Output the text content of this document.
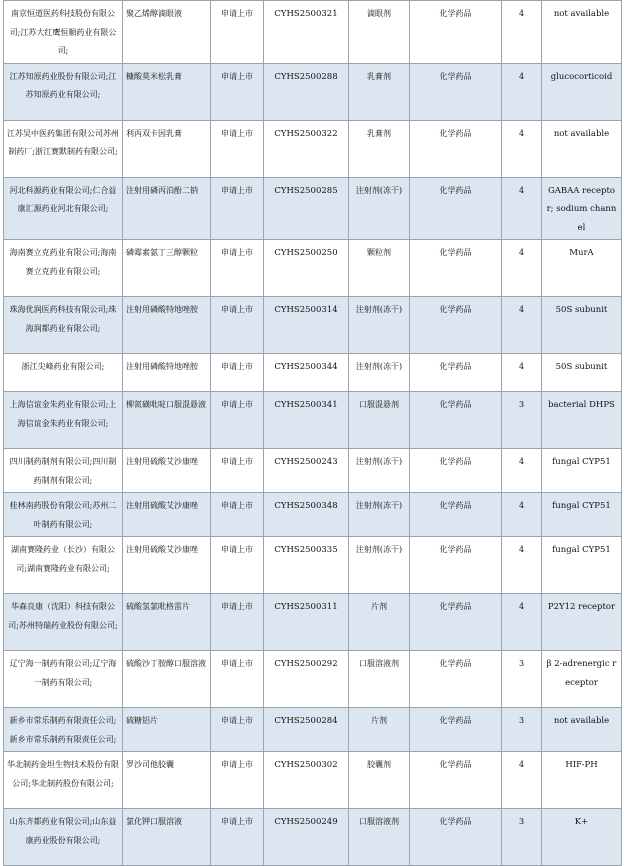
南京恒道医药科技股份有限公司;江苏大红鹰恒顺药业有限公司;	聚乙烯醇滴眼液	申请上市	CYHS2500321	滴眼剂	化学药品	4	not available
江苏知原药业股份有限公司;江苏知原药业有限公司;	糠酸莫米松乳膏	申请上市	CYHS2500288	乳膏剂	化学药品	4	glucocorticoid
江苏吴中医药集团有限公司苏州制药厂;浙江赛默制药有限公司;	利丙双卡因乳膏	申请上市	CYHS2500322	乳膏剂	化学药品	4	not available
河北科源药业有限公司;仁合益康汇源药业河北有限公司;	注射用磷丙泊酚二钠	申请上市	CYHS2500285	注射剂(冻干)	化学药品	4	GABAA receptor; sodium channel
海南赛立克药业有限公司;海南赛立克药业有限公司;	磷霉素氨丁三醇颗粒	申请上市	CYHS2500250	颗粒剂	化学药品	4	MurA
珠海优润医药科技有限公司;珠海润都药业有限公司;	注射用磷酸特地唑胺	申请上市	CYHS2500314	注射剂(冻干)	化学药品	4	50S subunit
浙江尖峰药业有限公司;	注射用磷酸特地唑胺	申请上市	CYHS2500344	注射剂(冻干)	化学药品	4	50S subunit
上海信谊金朱药业有限公司;上海信谊金朱药业有限公司;	柳氮磺吡啶口服混悬液	申请上市	CYHS2500341	口服混悬剂	化学药品	3	bacterial DHPS
四川制药制剂有限公司;四川制药制剂有限公司;	注射用硫酸艾沙康唑	申请上市	CYHS2500243	注射剂(冻干)	化学药品	4	fungal CYP51
桂林南药股份有限公司;苏州二叶制药有限公司;	注射用硫酸艾沙康唑	申请上市	CYHS2500348	注射剂(冻干)	化学药品	4	fungal CYP51
湖南赛隆药业（长沙）有限公司;湖南赛隆药业有限公司;	注射用硫酸艾沙康唑	申请上市	CYHS2500335	注射剂(冻干)	化学药品	4	fungal CYP51
华森良康（沈阳）科技有限公司;苏州特瑞药业股份有限公司;	硫酸氢氯吡格雷片	申请上市	CYHS2500311	片剂	化学药品	4	P2Y12 receptor
辽宁海一制药有限公司;辽宁海一制药有限公司;	硫酸沙丁胺醇口服溶液	申请上市	CYHS2500292	口服溶液剂	化学药品	3	β 2-adrenergic receptor
新乡市常乐制药有限责任公司;新乡市常乐制药有限责任公司;	硫糖铝片	申请上市	CYHS2500284	片剂	化学药品	3	not available
华北制药金坦生物技术股份有限公司;华北制药股份有限公司;	罗沙司他胶囊	申请上市	CYHS2500302	胶囊剂	化学药品	4	HIF-PH
山东齐都药业有限公司;山东益康药业股份有限公司;	氯化钾口服溶液	申请上市	CYHS2500249	口服溶液剂	化学药品	3	K+
